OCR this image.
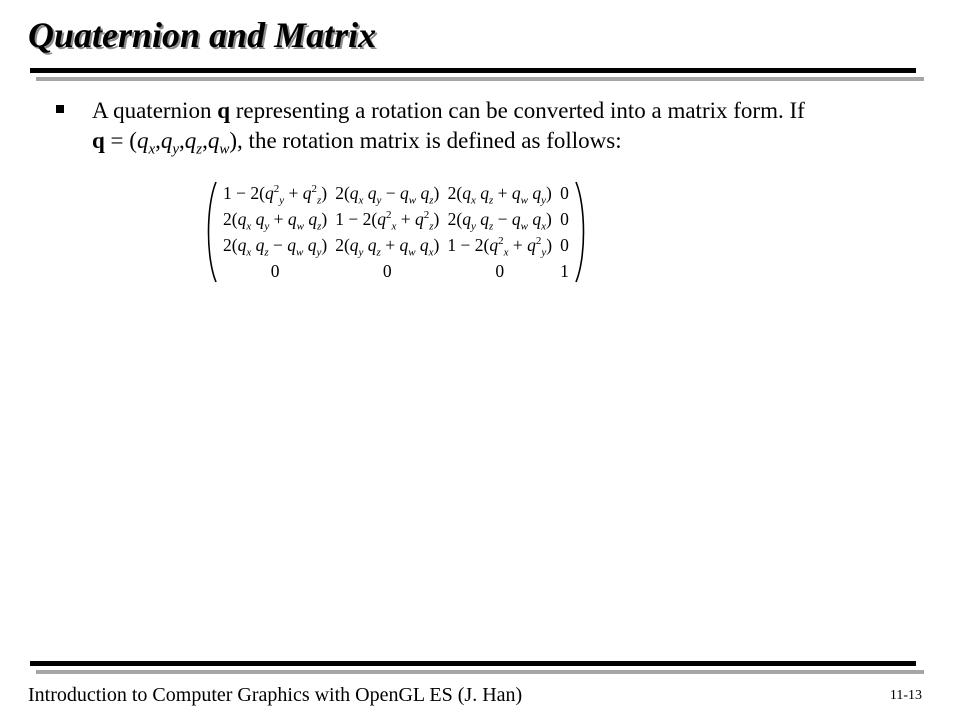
Quaternion and Matrix
A quaternion q representing a rotation can be converted into a matrix form. If
$q = (q_x,q_y,q_z,q_w)$, the rotation matrix is defined as follows:
$1 - 2(q^2_y + q^2_z)$	$2(q_x$ $q_y - q_w$ $q_z$)	$2(q_x$ $q_z + q_w$ $q_y$)	0
$2(q_x$ $q_y + q_w$ $q_z$)	$1 - 2(q^2_x + q^2_z)$	$2(q_y$ $q_z - q_w$ $q_x$)	0
$2(q_x$ $q_z - q_w$ $q_y$)	$2(q_y$ $q_z + q_w$ $q_x$)	$1 - 2(q^2_x + q^2_y)$	0
0	0	0	1
Introduction to Computer Graphics with OpenGL ES (J. Han)	11-13
